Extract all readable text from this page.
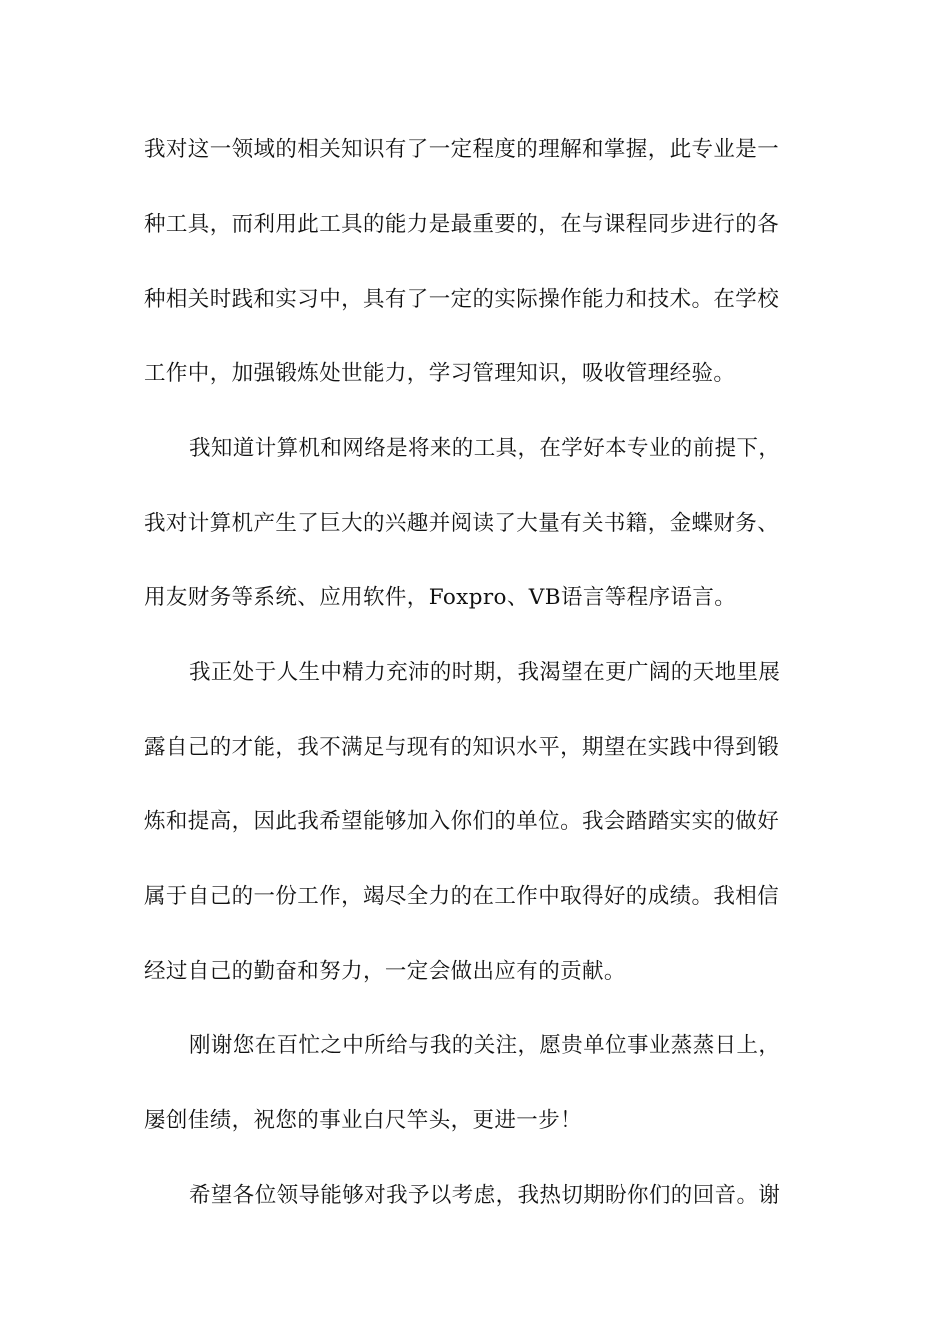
我对这一领域的相关知识有了一定程度的理解和掌握，此专业是一
种工具，而利用此工具的能力是最重要的，在与课程同步进行的各
种相关时践和实习中，具有了一定的实际操作能力和技术。在学校
工作中，加强锻炼处世能力，学习管理知识，吸收管理经验。
我知道计算机和网络是将来的工具，在学好本专业的前提下，
我对计算机产生了巨大的兴趣并阅读了大量有关书籍，金蝶财务、
用友财务等系统、应用软件，Foxpro、VB语言等程序语言。
我正处于人生中精力充沛的时期，我渴望在更广阔的天地里展
露自己的才能，我不满足与现有的知识水平，期望在实践中得到锻
炼和提高，因此我希望能够加入你们的单位。我会踏踏实实的做好
属于自己的一份工作，竭尽全力的在工作中取得好的成绩。我相信
经过自己的勤奋和努力，一定会做出应有的贡献。
刚谢您在百忙之中所给与我的关注，愿贵单位事业蒸蒸日上，
屡创佳绩，祝您的事业白尺竿头，更进一步！
希望各位领导能够对我予以考虑，我热切期盼你们的回音。谢
